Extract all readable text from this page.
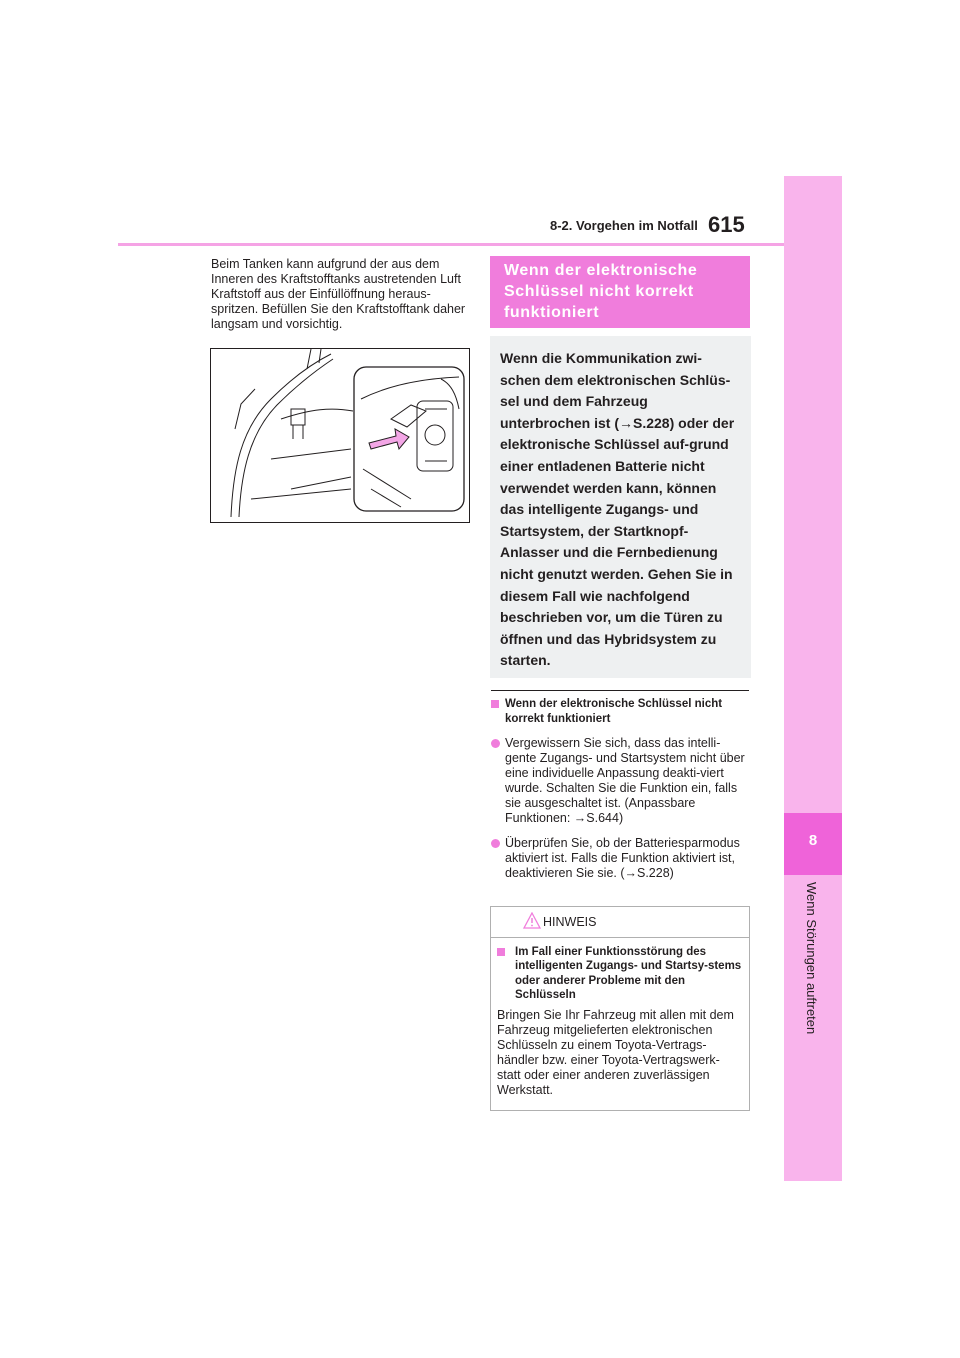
8
Wenn Störungen auftreten
8-2. Vorgehen im Notfall 615
Beim Tanken kann aufgrund der aus dem Inneren des Kraftstofftanks austretenden Luft Kraftstoff aus der Einfüllöffnung heraus-spritzen. Befüllen Sie den Kraftstofftank daher langsam und vorsichtig.
Wenn der elektronische Schlüssel nicht korrekt funktioniert
Wenn die Kommunikation zwi-schen dem elektronischen Schlüs-sel und dem Fahrzeug unterbrochen ist (→S.228) oder der elektronische Schlüssel auf-grund einer entladenen Batterie nicht verwendet werden kann, können das intelligente Zugangs- und Startsystem, der Startknopf-Anlasser und die Fernbedienung nicht genutzt werden. Gehen Sie in diesem Fall wie nachfolgend beschrieben vor, um die Türen zu öffnen und das Hybridsystem zu starten.
Wenn der elektronische Schlüssel nicht korrekt funktioniert
Vergewissern Sie sich, dass das intelli-gente Zugangs- und Startsystem nicht über eine individuelle Anpassung deakti-viert wurde. Schalten Sie die Funktion ein, falls sie ausgeschaltet ist. (Anpassbare Funktionen: →S.644)
Überprüfen Sie, ob der Batteriesparmodus aktiviert ist. Falls die Funktion aktiviert ist, deaktivieren Sie sie. (→S.228)
HINWEIS
Im Fall einer Funktionsstörung des intelligenten Zugangs- und Startsy-stems oder anderer Probleme mit den Schlüsseln
Bringen Sie Ihr Fahrzeug mit allen mit dem Fahrzeug mitgelieferten elektronischen Schlüsseln zu einem Toyota-Vertrags-händler bzw. einer Toyota-Vertragswerk-statt oder einer anderen zuverlässigen Werkstatt.
